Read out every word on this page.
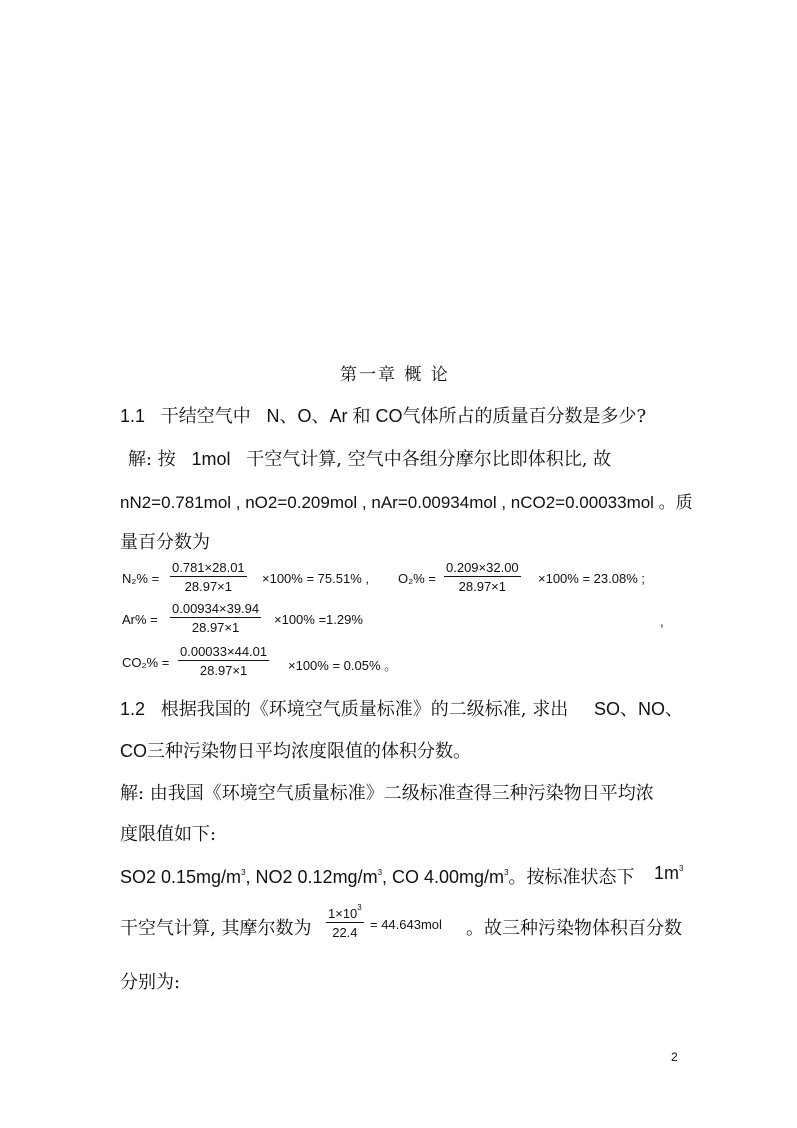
第一章 概 论
1.1 干结空气中 N、O、Ar 和 CO气体所占的质量百分数是多少?
解: 按 1mol 干空气计算, 空气中各组分摩尔比即体积比, 故
nN2=0.781mol , nO2=0.209mol , nAr=0.00934mol , nCO2=0.00033mol 。质
量百分数为
$N_2\% = \frac{0.781\times 28.01}{28.97\times 1} \times 100\% = 75.51\%$ , $O_2\% = \frac{0.209\times 32.00}{28.97\times 1} \times 100\% = 23.08\%$ ;
$Ar\% = \frac{0.00934\times 39.94}{28.97\times 1} \times 100\% =1.29\%$	,
$CO_2\% = \frac{0.00033\times 44.01}{28.97\times 1} \times 100\% = 0.05\%$ 。
1.2 根据我国的《环境空气质量标准》的二级标准, 求出 SO、NO、
CO三种污染物日平均浓度限值的体积分数。
解: 由我国《环境空气质量标准》二级标准查得三种污染物日平均浓
度限值如下:
SO2 $0.15mg/m^3$, NO2 $0.12mg/m^3$, CO $4.00mg/m^3$。按标准状态下 $1m^3$
干空气计算, 其摩尔数为 $\frac{1\times 10^3}{22.4} = 44.643mol$ 。故三种污染物体积百分数
分别为:
2
